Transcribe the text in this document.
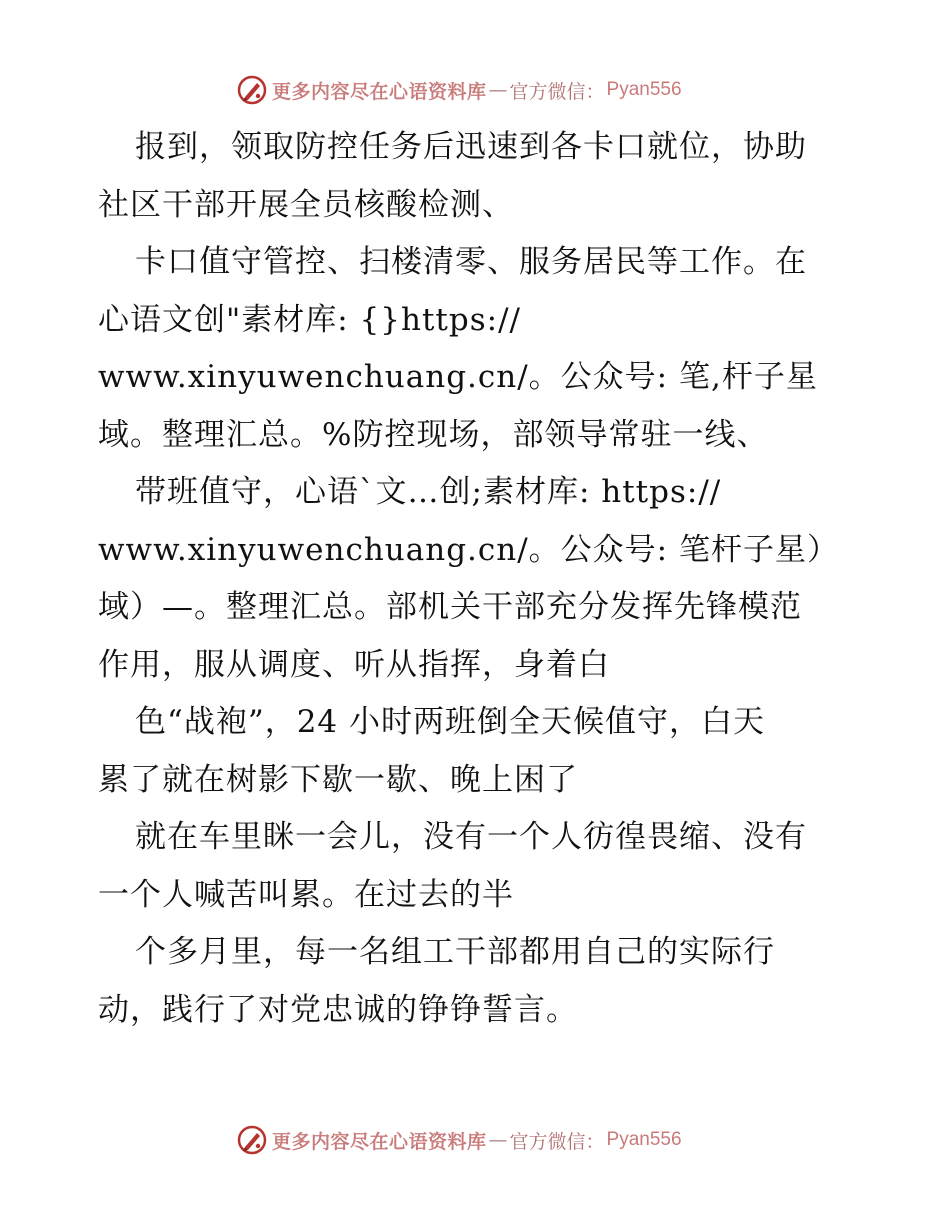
更多内容尽在心语资料库 — 官方微信： Pyan556
报到，领取防控任务后迅速到各卡口就位，协助
社区干部开展全员核酸检测、
卡口值守管控、扫楼清零、服务居民等工作。在
心语文创"素材库: {}https://
www.xinyuwenchuang.cn/。公众号: 笔,杆子星
域。整理汇总。%防控现场，部领导常驻一线、
带班值守，心语`文…创;素材库: https://
www.xinyuwenchuang.cn/。公众号: 笔杆子星）
域）—。整理汇总。部机关干部充分发挥先锋模范
作用，服从调度、听从指挥，身着白
色“战袍”，24 小时两班倒全天候值守，白天
累了就在树影下歇一歇、晚上困了
就在车里眯一会儿，没有一个人彷徨畏缩、没有
一个人喊苦叫累。在过去的半
个多月里，每一名组工干部都用自己的实际行
动，践行了对党忠诚的铮铮誓言。
更多内容尽在心语资料库 — 官方微信： Pyan556
